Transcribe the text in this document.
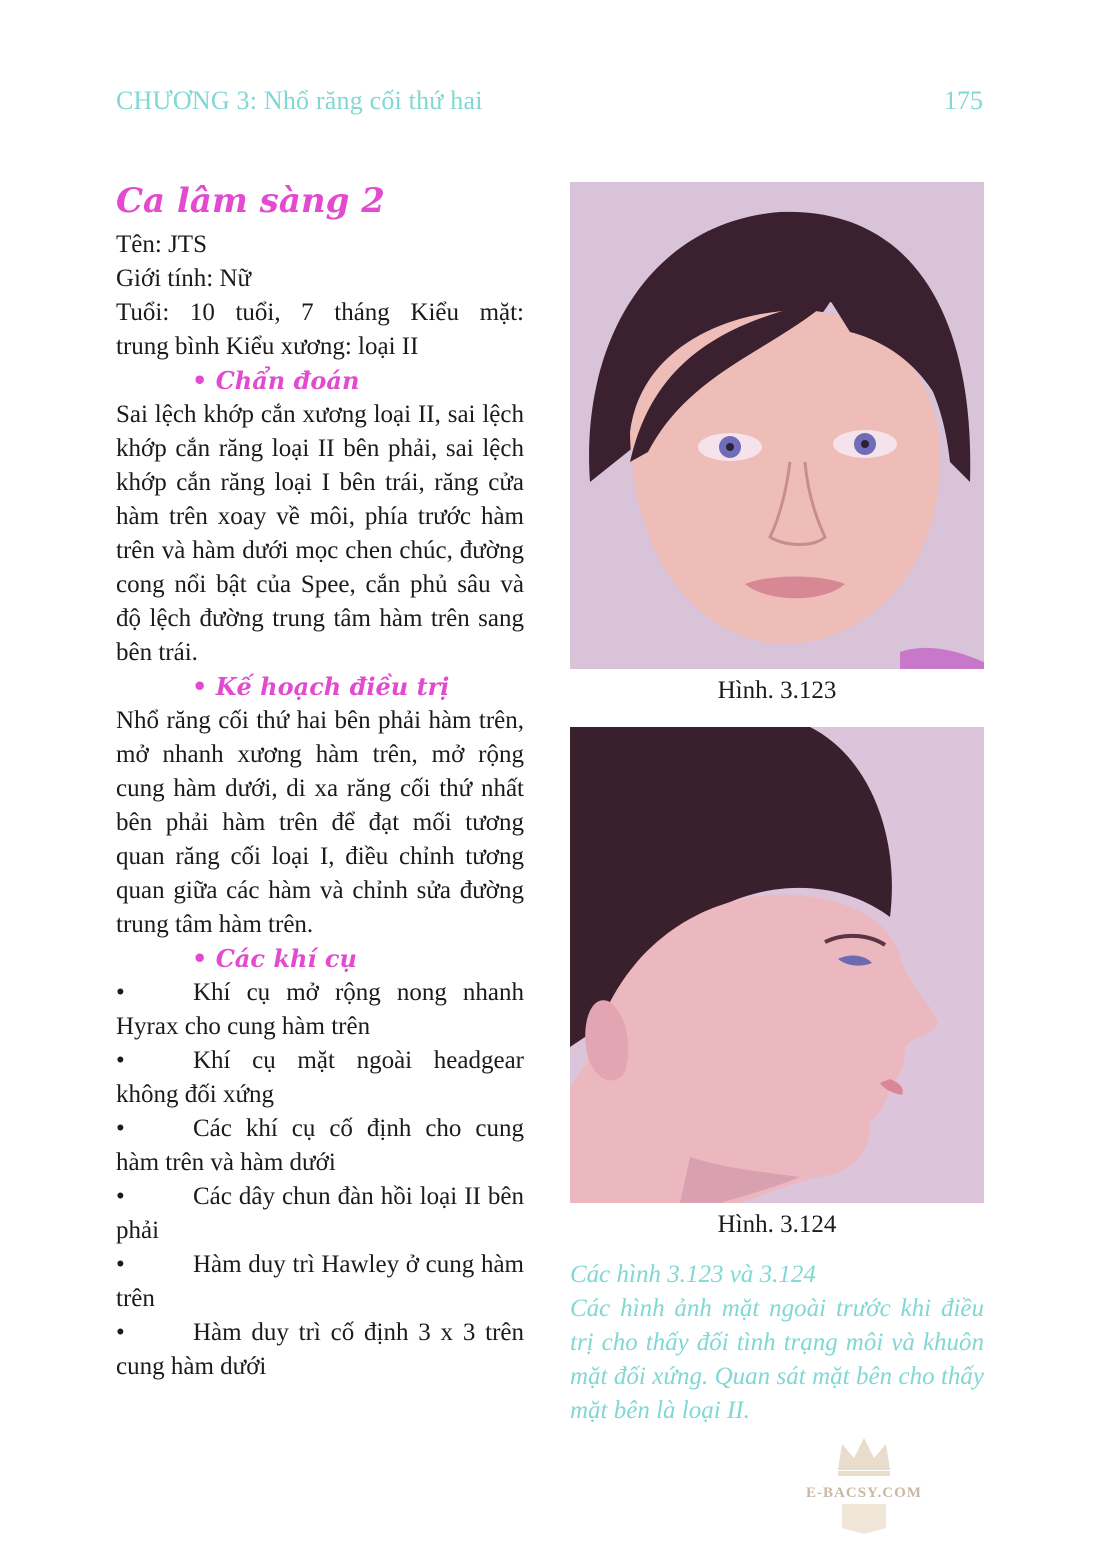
CHƯƠNG 3: Nhổ răng cối thứ hai	175
Ca lâm sàng 2

Tên: JTS

Giới tính: Nữ

Tuổi: 10 tuổi, 7 tháng Kiểu mặt:

trung bình Kiểu xương: loại II

• Chẩn đoán

Sai lệch khớp cắn xương loại II, sai lệch khớp cắn răng loại II bên phải, sai lệch khớp cắn răng loại I bên trái, răng cửa hàm trên xoay về môi, phía trước hàm trên và hàm dưới mọc chen chúc, đường cong nổi bật của Spee, cắn phủ sâu và độ lệch đường trung tâm hàm trên sang bên trái.

• Kế hoạch điều trị

Nhổ răng cối thứ hai bên phải hàm trên, mở nhanh xương hàm trên, mở rộng cung hàm dưới, di xa răng cối thứ nhất bên phải hàm trên để đạt mối tương quan răng cối loại I, điều chỉnh tương quan giữa các hàm và chỉnh sửa đường trung tâm hàm trên.

• Các khí cụ
•	Khí cụ mở rộng nong nhanh Hyrax cho cung hàm trên
•	Khí cụ mặt ngoài headgear không đối xứng
•	Các khí cụ cố định cho cung hàm trên và hàm dưới
•	Các dây chun đàn hồi loại II bên phải
•	Hàm duy trì Hawley ở cung hàm trên
•	Hàm duy trì cố định 3 x 3 trên cung hàm dưới
Hình. 3.123
Hình. 3.124

Các hình 3.123 và 3.124

Các hình ảnh mặt ngoài trước khi điều trị cho thấy đối tình trạng môi và khuôn mặt đối xứng. Quan sát mặt bên cho thấy mặt bên là loại II.

E-BACSY.COM
